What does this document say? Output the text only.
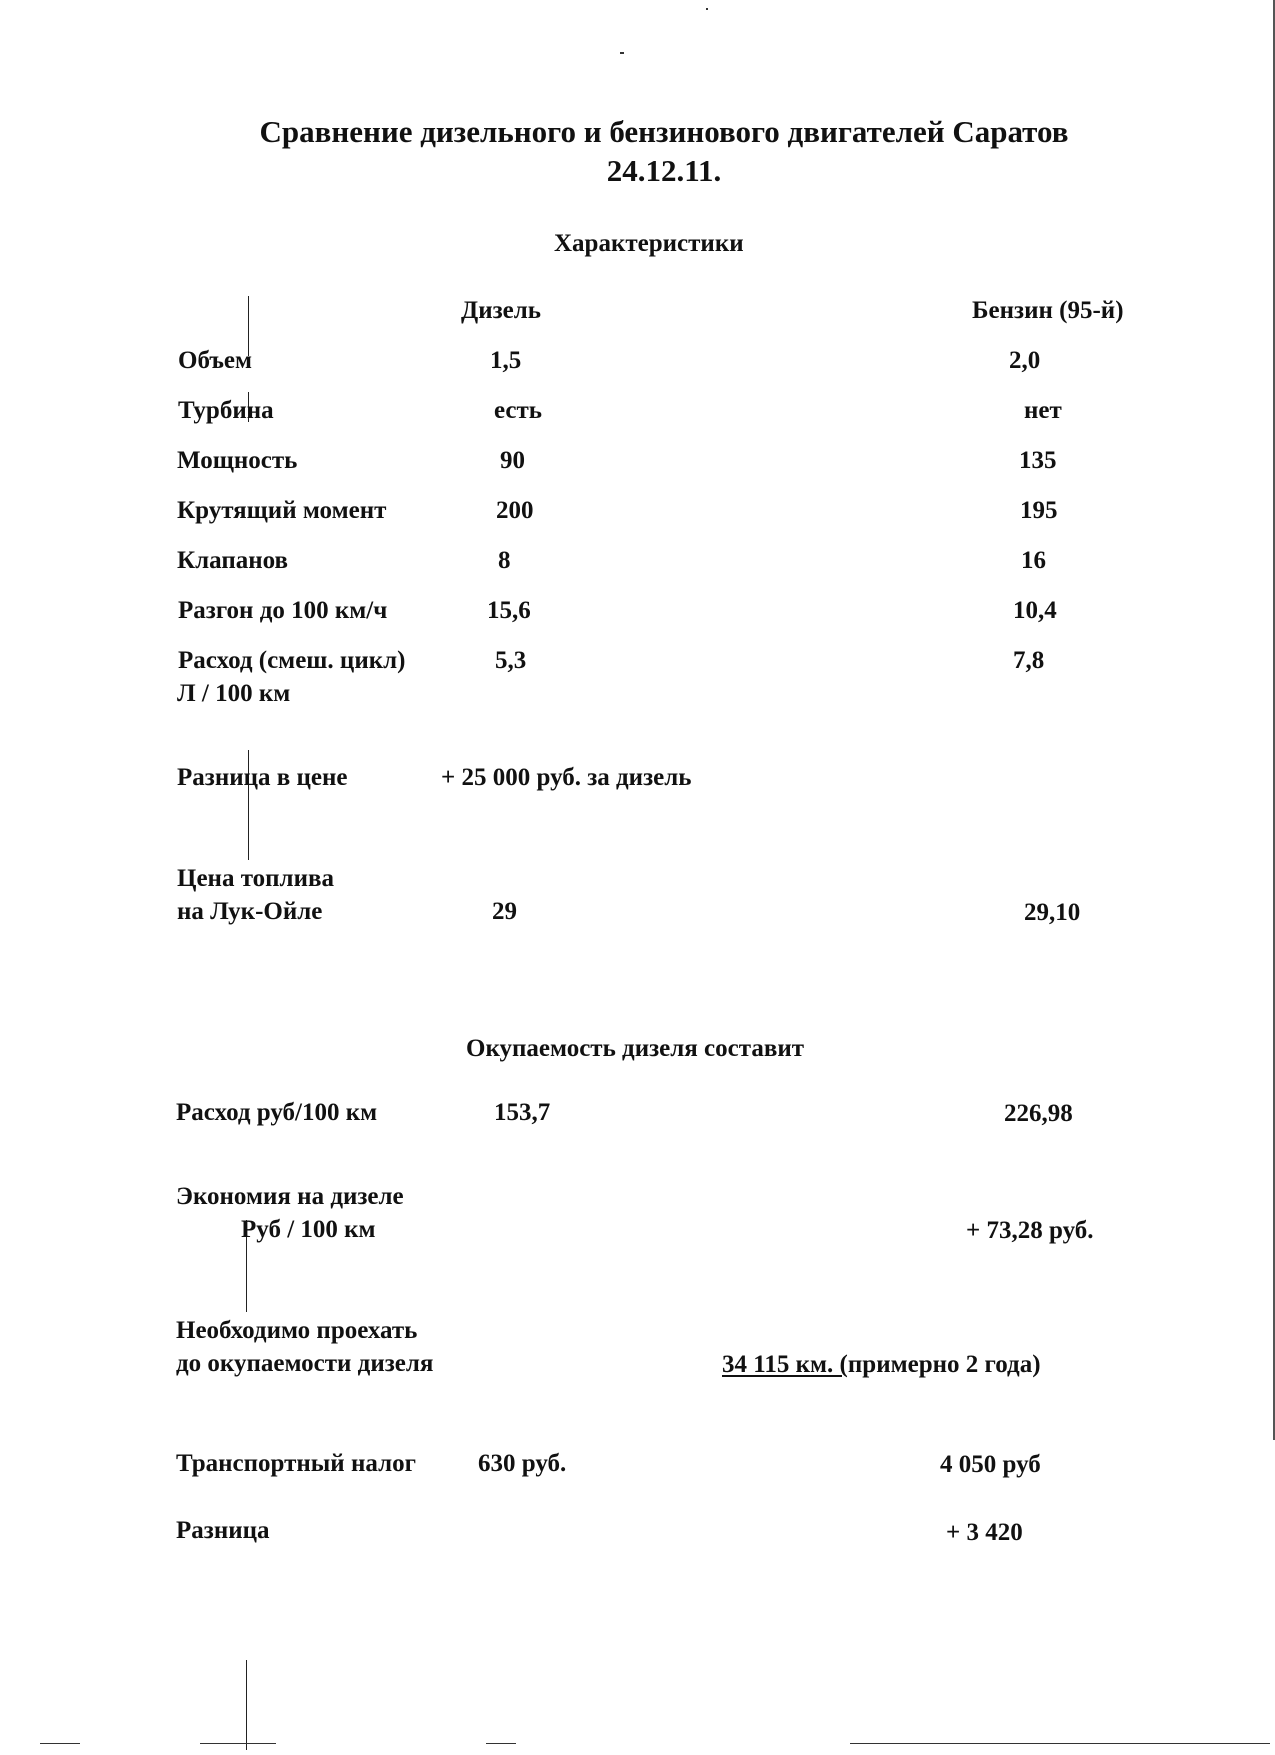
Сравнение дизельного и бензинового двигателей Саратов
24.12.11.
Характеристики
Дизель	Бензин (95-й)
Объем	1,5	2,0
Турбина	есть	нет
Мощность	90	135
Крутящий момент	200	195
Клапанов	8	16
Разгон до 100 км/ч	15,6	10,4
Расход (смеш. цикл)
Л / 100 км
5,3	7,8
Разница в цене	+ 25 000 руб. за дизель
Цена топлива
на Лук-Ойле	29	29,10
Окупаемость дизеля составит
Расход руб/100 км	153,7	226,98
Экономия на дизеле
Руб / 100 км	+ 73,28 руб.
Необходимо проехать
до окупаемости дизеля	34 115 км. (примерно 2 года)
Транспортный налог 630 руб.	4 050 руб
Разница	+ 3 420
